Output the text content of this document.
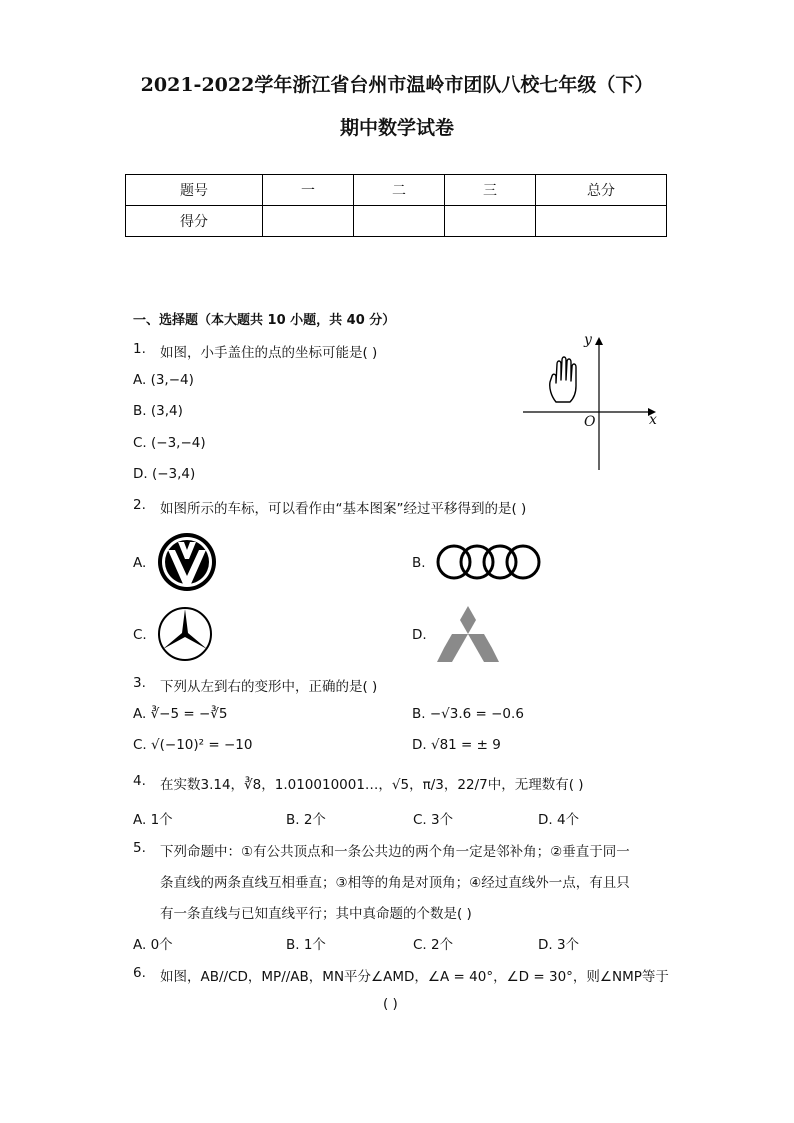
2021-2022学年浙江省台州市温岭市团队八校七年级（下）
期中数学试卷
题号	一	二	三	总分
得分				
一、选择题（本大题共 10 小题，共 40 分）
1. 如图，小手盖住的点的坐标可能是( )
A. (3,−4)
B. (3,4)
C. (−3,−4)
D. (−3,4)
y
x
O
2. 如图所示的车标，可以看作由“基本图案”经过平移得到的是( )
A.	B.
C.	D.
3. 下列从左到右的变形中，正确的是( )
A. ∛−5 = −∛5	B. −√3.6 = −0.6
C. √(−10)² = −10	D. √81 = ± 9
4. 在实数3.14，∛8，1.010010001…，√5，π/3，22/7中，无理数有( )
A. 1个	B. 2个	C. 3个	D. 4个
5. 下列命题中：①有公共顶点和一条公共边的两个角一定是邻补角；②垂直于同一
条直线的两条直线互相垂直；③相等的角是对顶角；④经过直线外一点，有且只
有一条直线与已知直线平行；其中真命题的个数是( )
A. 0个	B. 1个	C. 2个	D. 3个
6. 如图，AB//CD，MP//AB，MN平分∠AMD，∠A = 40°，∠D = 30°，则∠NMP等于
( )
